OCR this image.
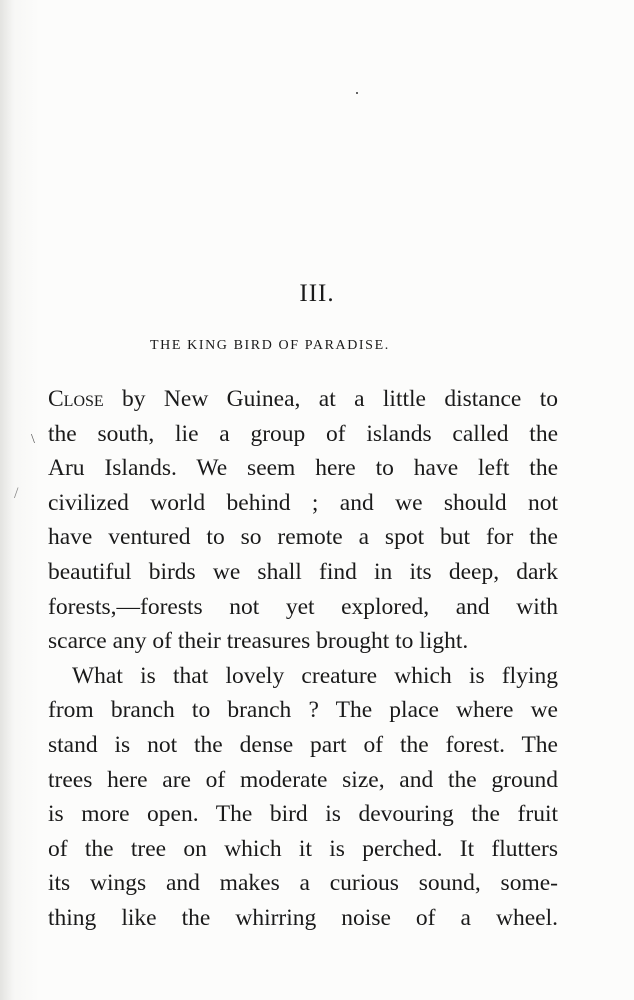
III.
THE KING BIRD OF PARADISE.
Close by New Guinea, at a little distance to
the south, lie a group of islands called the
Aru Islands. We seem here to have left the
civilized world behind ; and we should not
have ventured to so remote a spot but for the
beautiful birds we shall find in its deep, dark
forests,—forests not yet explored, and with
scarce any of their treasures brought to light.
What is that lovely creature which is flying
from branch to branch ? The place where we
stand is not the dense part of the forest. The
trees here are of moderate size, and the ground
is more open. The bird is devouring the fruit
of the tree on which it is perched. It flutters
its wings and makes a curious sound, some-
thing like the whirring noise of a wheel.
\
/
